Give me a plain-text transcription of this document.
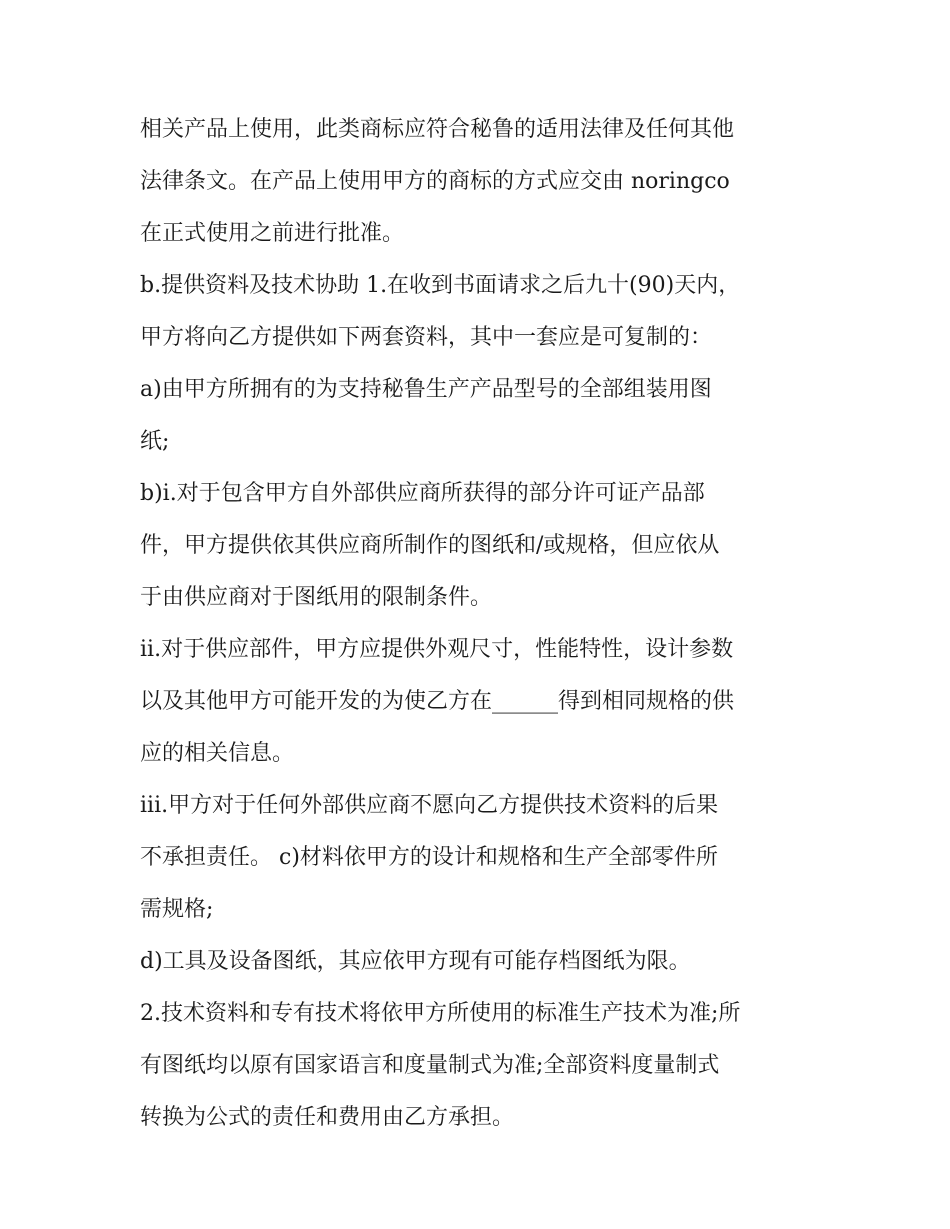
相关产品上使用，此类商标应符合秘鲁的适用法律及任何其他
法律条文。在产品上使用甲方的商标的方式应交由 noringco
在正式使用之前进行批准。
b.提供资料及技术协助 1.在收到书面请求之后九十(90)天内，
甲方将向乙方提供如下两套资料，其中一套应是可复制的：
a)由甲方所拥有的为支持秘鲁生产产品型号的全部组装用图
纸;
b)i.对于包含甲方自外部供应商所获得的部分许可证产品部
件，甲方提供依其供应商所制作的图纸和/或规格，但应依从
于由供应商对于图纸用的限制条件。
ii.对于供应部件，甲方应提供外观尺寸，性能特性，设计参数
以及其他甲方可能开发的为使乙方在______得到相同规格的供
应的相关信息。
iii.甲方对于任何外部供应商不愿向乙方提供技术资料的后果
不承担责任。 c)材料依甲方的设计和规格和生产全部零件所
需规格;
d)工具及设备图纸，其应依甲方现有可能存档图纸为限。
2.技术资料和专有技术将依甲方所使用的标准生产技术为准;所
有图纸均以原有国家语言和度量制式为准;全部资料度量制式
转换为公式的责任和费用由乙方承担。
